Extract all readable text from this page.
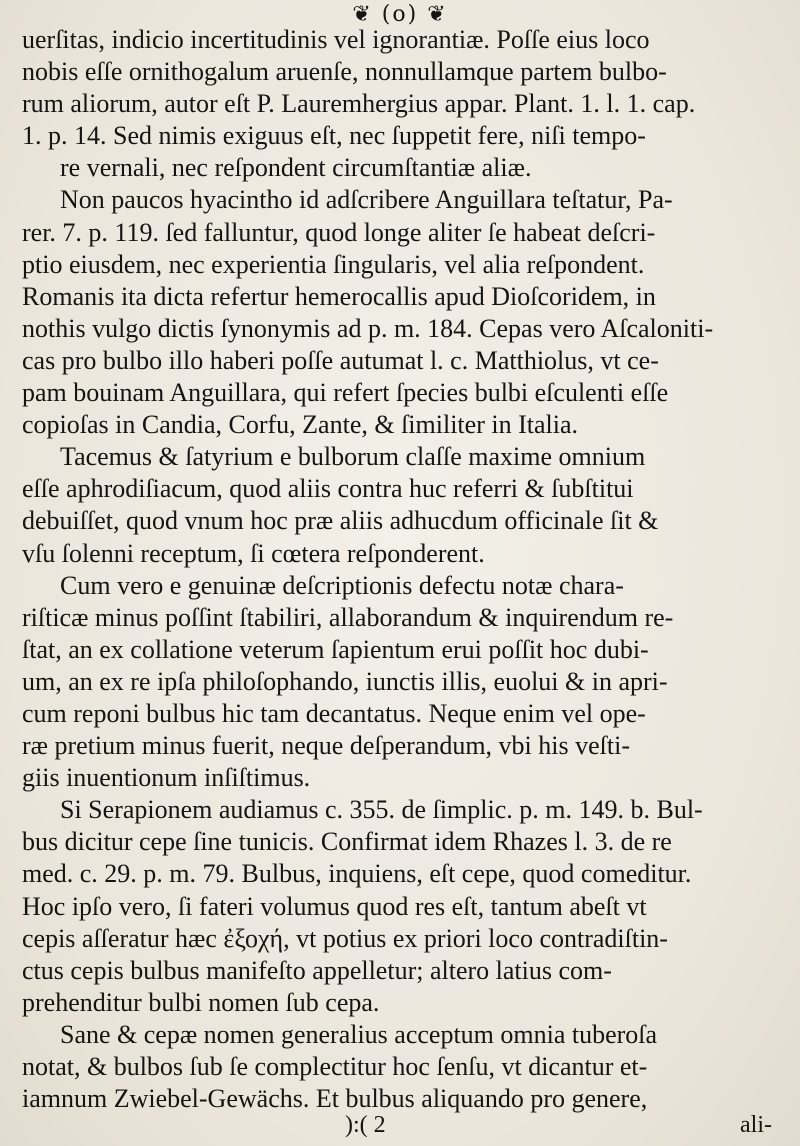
❦ (o) ❦
uerſitas, indicio incertitudinis vel ignorantiæ. Poſſe eius loco
nobis eſſe ornithogalum aruenſe, nonnullamque partem bulbo-
rum aliorum, autor eſt P. Lauremhergius appar. Plant. 1. l. 1. cap.
1. p. 14. Sed nimis exiguus eſt, nec ſuppetit fere, niſi tempo-
re vernali, nec reſpondent circumſtantiæ aliæ.
Non paucos hyacintho id adſcribere Anguillara teſtatur, Pa-
rer. 7. p. 119. ſed falluntur, quod longe aliter ſe habeat deſcri-
ptio eiusdem, nec experientia ſingularis, vel alia reſpondent.
Romanis ita dicta refertur hemerocallis apud Dioſcoridem, in
nothis vulgo dictis ſynonymis ad p. m. 184. Cepas vero Aſcaloniti-
cas pro bulbo illo haberi poſſe autumat l. c. Matthiolus, vt ce-
pam bouinam Anguillara, qui refert ſpecies bulbi eſculenti eſſe
copioſas in Candia, Corfu, Zante, & ſimiliter in Italia.
Tacemus & ſatyrium e bulborum claſſe maxime omnium
eſſe aphrodiſiacum, quod aliis contra huc referri & ſubſtitui
debuiſſet, quod vnum hoc præ aliis adhucdum officinale ſit &
vſu ſolenni receptum, ſi cœtera reſponderent.
Cum vero e genuinæ deſcriptionis defectu notæ chara-
riſticæ minus poſſint ſtabiliri, allaborandum & inquirendum re-
ſtat, an ex collatione veterum ſapientum erui poſſit hoc dubi-
um, an ex re ipſa philoſophando, iunctis illis, euolui & in apri-
cum reponi bulbus hic tam decantatus. Neque enim vel ope-
ræ pretium minus fuerit, neque deſperandum, vbi his veſti-
giis inuentionum inſiſtimus.
Si Serapionem audiamus c. 355. de ſimplic. p. m. 149. b. Bul-
bus dicitur cepe ſine tunicis. Confirmat idem Rhazes l. 3. de re
med. c. 29. p. m. 79. Bulbus, inquiens, eſt cepe, quod comeditur.
Hoc ipſo vero, ſi fateri volumus quod res eſt, tantum abeſt vt
cepis aſſeratur hæc ἐξοχή, vt potius ex priori loco contradiſtin-
ctus cepis bulbus manifeſto appelletur; altero latius com-
prehenditur bulbi nomen ſub cepa.
Sane & cepæ nomen generalius acceptum omnia tuberoſa
notat, & bulbos ſub ſe complectitur hoc ſenſu, vt dicantur et-
iamnum Zwiebel-Gewächs. Et bulbus aliquando pro genere,
):( 2	ali-
